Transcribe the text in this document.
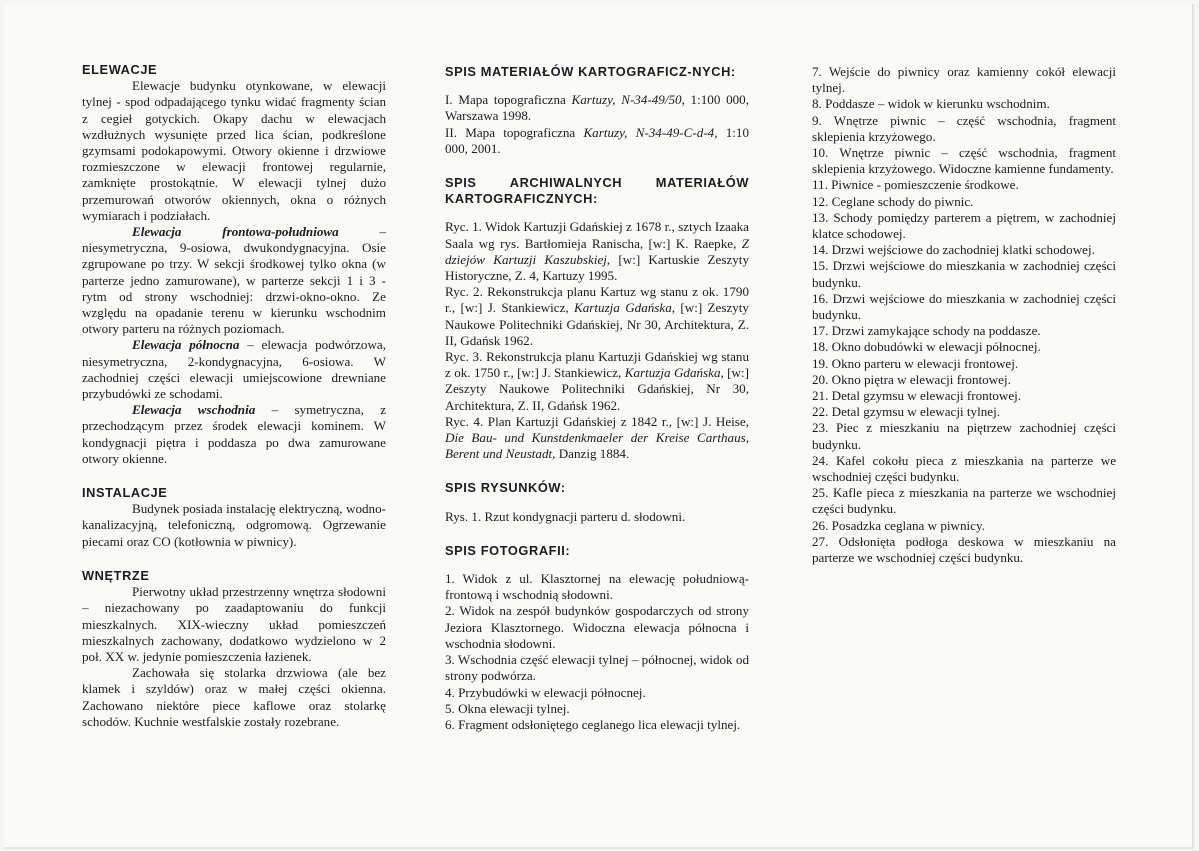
ELEWACJE

Elewacje budynku otynkowane, w elewacji tylnej - spod odpadającego tynku widać fragmenty ścian z cegieł gotyckich. Okapy dachu w elewacjach wzdłużnych wysunięte przed lica ścian, podkreślone gzymsami podokapowymi. Otwory okienne i drzwiowe rozmieszczone w elewacji frontowej regularnie, zamknięte prostokątnie. W elewacji tylnej dużo przemurowań otworów okiennych, okna o różnych wymiarach i podziałach.

Elewacja frontowa-południowa – niesymetryczna, 9-osiowa, dwukondygnacyjna. Osie zgrupowane po trzy. W sekcji środkowej tylko okna (w parterze jedno zamurowane), w parterze sekcji 1 i 3 - rytm od strony wschodniej: drzwi-okno-okno. Ze względu na opadanie terenu w kierunku wschodnim otwory parteru na różnych poziomach.

Elewacja północna – elewacja podwórzowa, niesymetryczna, 2-kondygnacyjna, 6-osiowa. W zachodniej części elewacji umiejscowione drewniane przybudówki ze schodami.

Elewacja wschodnia – symetryczna, z przechodzącym przez środek elewacji kominem. W kondygnacji piętra i poddasza po dwa zamurowane otwory okienne.

INSTALACJE

Budynek posiada instalację elektryczną, wodno-kanalizacyjną, telefoniczną, odgromową. Ogrzewanie piecami oraz CO (kotłownia w piwnicy).

WNĘTRZE

Pierwotny układ przestrzenny wnętrza słodowni – niezachowany po zaadaptowaniu do funkcji mieszkalnych. XIX-wieczny układ pomieszczeń mieszkalnych zachowany, dodatkowo wydzielono w 2 poł. XX w. jedynie pomieszczenia łazienek.

Zachowała się stolarka drzwiowa (ale bez klamek i szyldów) oraz w małej części okienna. Zachowano niektóre piece kaflowe oraz stolarkę schodów. Kuchnie westfalskie zostały rozebrane.

SPIS MATERIAŁÓW KARTOGRAFICZ-NYCH:

I. Mapa topograficzna Kartuzy, N-34-49/50, 1:100 000, Warszawa 1998.

II. Mapa topograficzna Kartuzy, N-34-49-C-d-4, 1:10 000, 2001.

SPIS ARCHIWALNYCH MATERIAŁÓW KARTOGRAFICZNYCH:

Ryc. 1. Widok Kartuzji Gdańskiej z 1678 r., sztych Izaaka Saala wg rys. Bartłomieja Ranischa, [w:] K. Raepke, Z dziejów Kartuzji Kaszubskiej, [w:] Kartuskie Zeszyty Historyczne, Z. 4, Kartuzy 1995.

Ryc. 2. Rekonstrukcja planu Kartuz wg stanu z ok. 1790 r., [w:] J. Stankiewicz, Kartuzja Gdańska, [w:] Zeszyty Naukowe Politechniki Gdańskiej, Nr 30, Architektura, Z. II, Gdańsk 1962.

Ryc. 3. Rekonstrukcja planu Kartuzji Gdańskiej wg stanu z ok. 1750 r., [w:] J. Stankiewicz, Kartuzja Gdańska, [w:] Zeszyty Naukowe Politechniki Gdańskiej, Nr 30, Architektura, Z. II, Gdańsk 1962.

Ryc. 4. Plan Kartuzji Gdańskiej z 1842 r., [w:] J. Heise, Die Bau- und Kunstdenkmaeler der Kreise Carthaus, Berent und Neustadt, Danzig 1884.

SPIS RYSUNKÓW:

Rys. 1. Rzut kondygnacji parteru d. słodowni.

SPIS FOTOGRAFII:

1. Widok z ul. Klasztornej na elewację południową-frontową i wschodnią słodowni.

2. Widok na zespół budynków gospodarczych od strony Jeziora Klasztornego. Widoczna elewacja północna i wschodnia słodowni.

3. Wschodnia część elewacji tylnej – północnej, widok od strony podwórza.

4. Przybudówki w elewacji północnej.

5. Okna elewacji tylnej.

6. Fragment odsłoniętego ceglanego lica elewacji tylnej.

7. Wejście do piwnicy oraz kamienny cokół elewacji tylnej.

8. Poddasze – widok w kierunku wschodnim.

9. Wnętrze piwnic – część wschodnia, fragment sklepienia krzyżowego.

10. Wnętrze piwnic – część wschodnia, fragment sklepienia krzyżowego. Widoczne kamienne fundamenty.

11. Piwnice - pomieszczenie środkowe.

12. Ceglane schody do piwnic.

13. Schody pomiędzy parterem a piętrem, w zachodniej klatce schodowej.

14. Drzwi wejściowe do zachodniej klatki schodowej.

15. Drzwi wejściowe do mieszkania w zachodniej części budynku.

16. Drzwi wejściowe do mieszkania w zachodniej części budynku.

17. Drzwi zamykające schody na poddasze.

18. Okno dobudówki w elewacji północnej.

19. Okno parteru w elewacji frontowej.

20. Okno piętra w elewacji frontowej.

21. Detal gzymsu w elewacji frontowej.

22. Detal gzymsu w elewacji tylnej.

23. Piec z mieszkaniu na piętrzew zachodniej części budynku.

24. Kafel cokołu pieca z mieszkania na parterze we wschodniej części budynku.

25. Kafle pieca z mieszkania na parterze we wschodniej części budynku.

26. Posadzka ceglana w piwnicy.

27. Odsłonięta podłoga deskowa w mieszkaniu na parterze we wschodniej części budynku.
